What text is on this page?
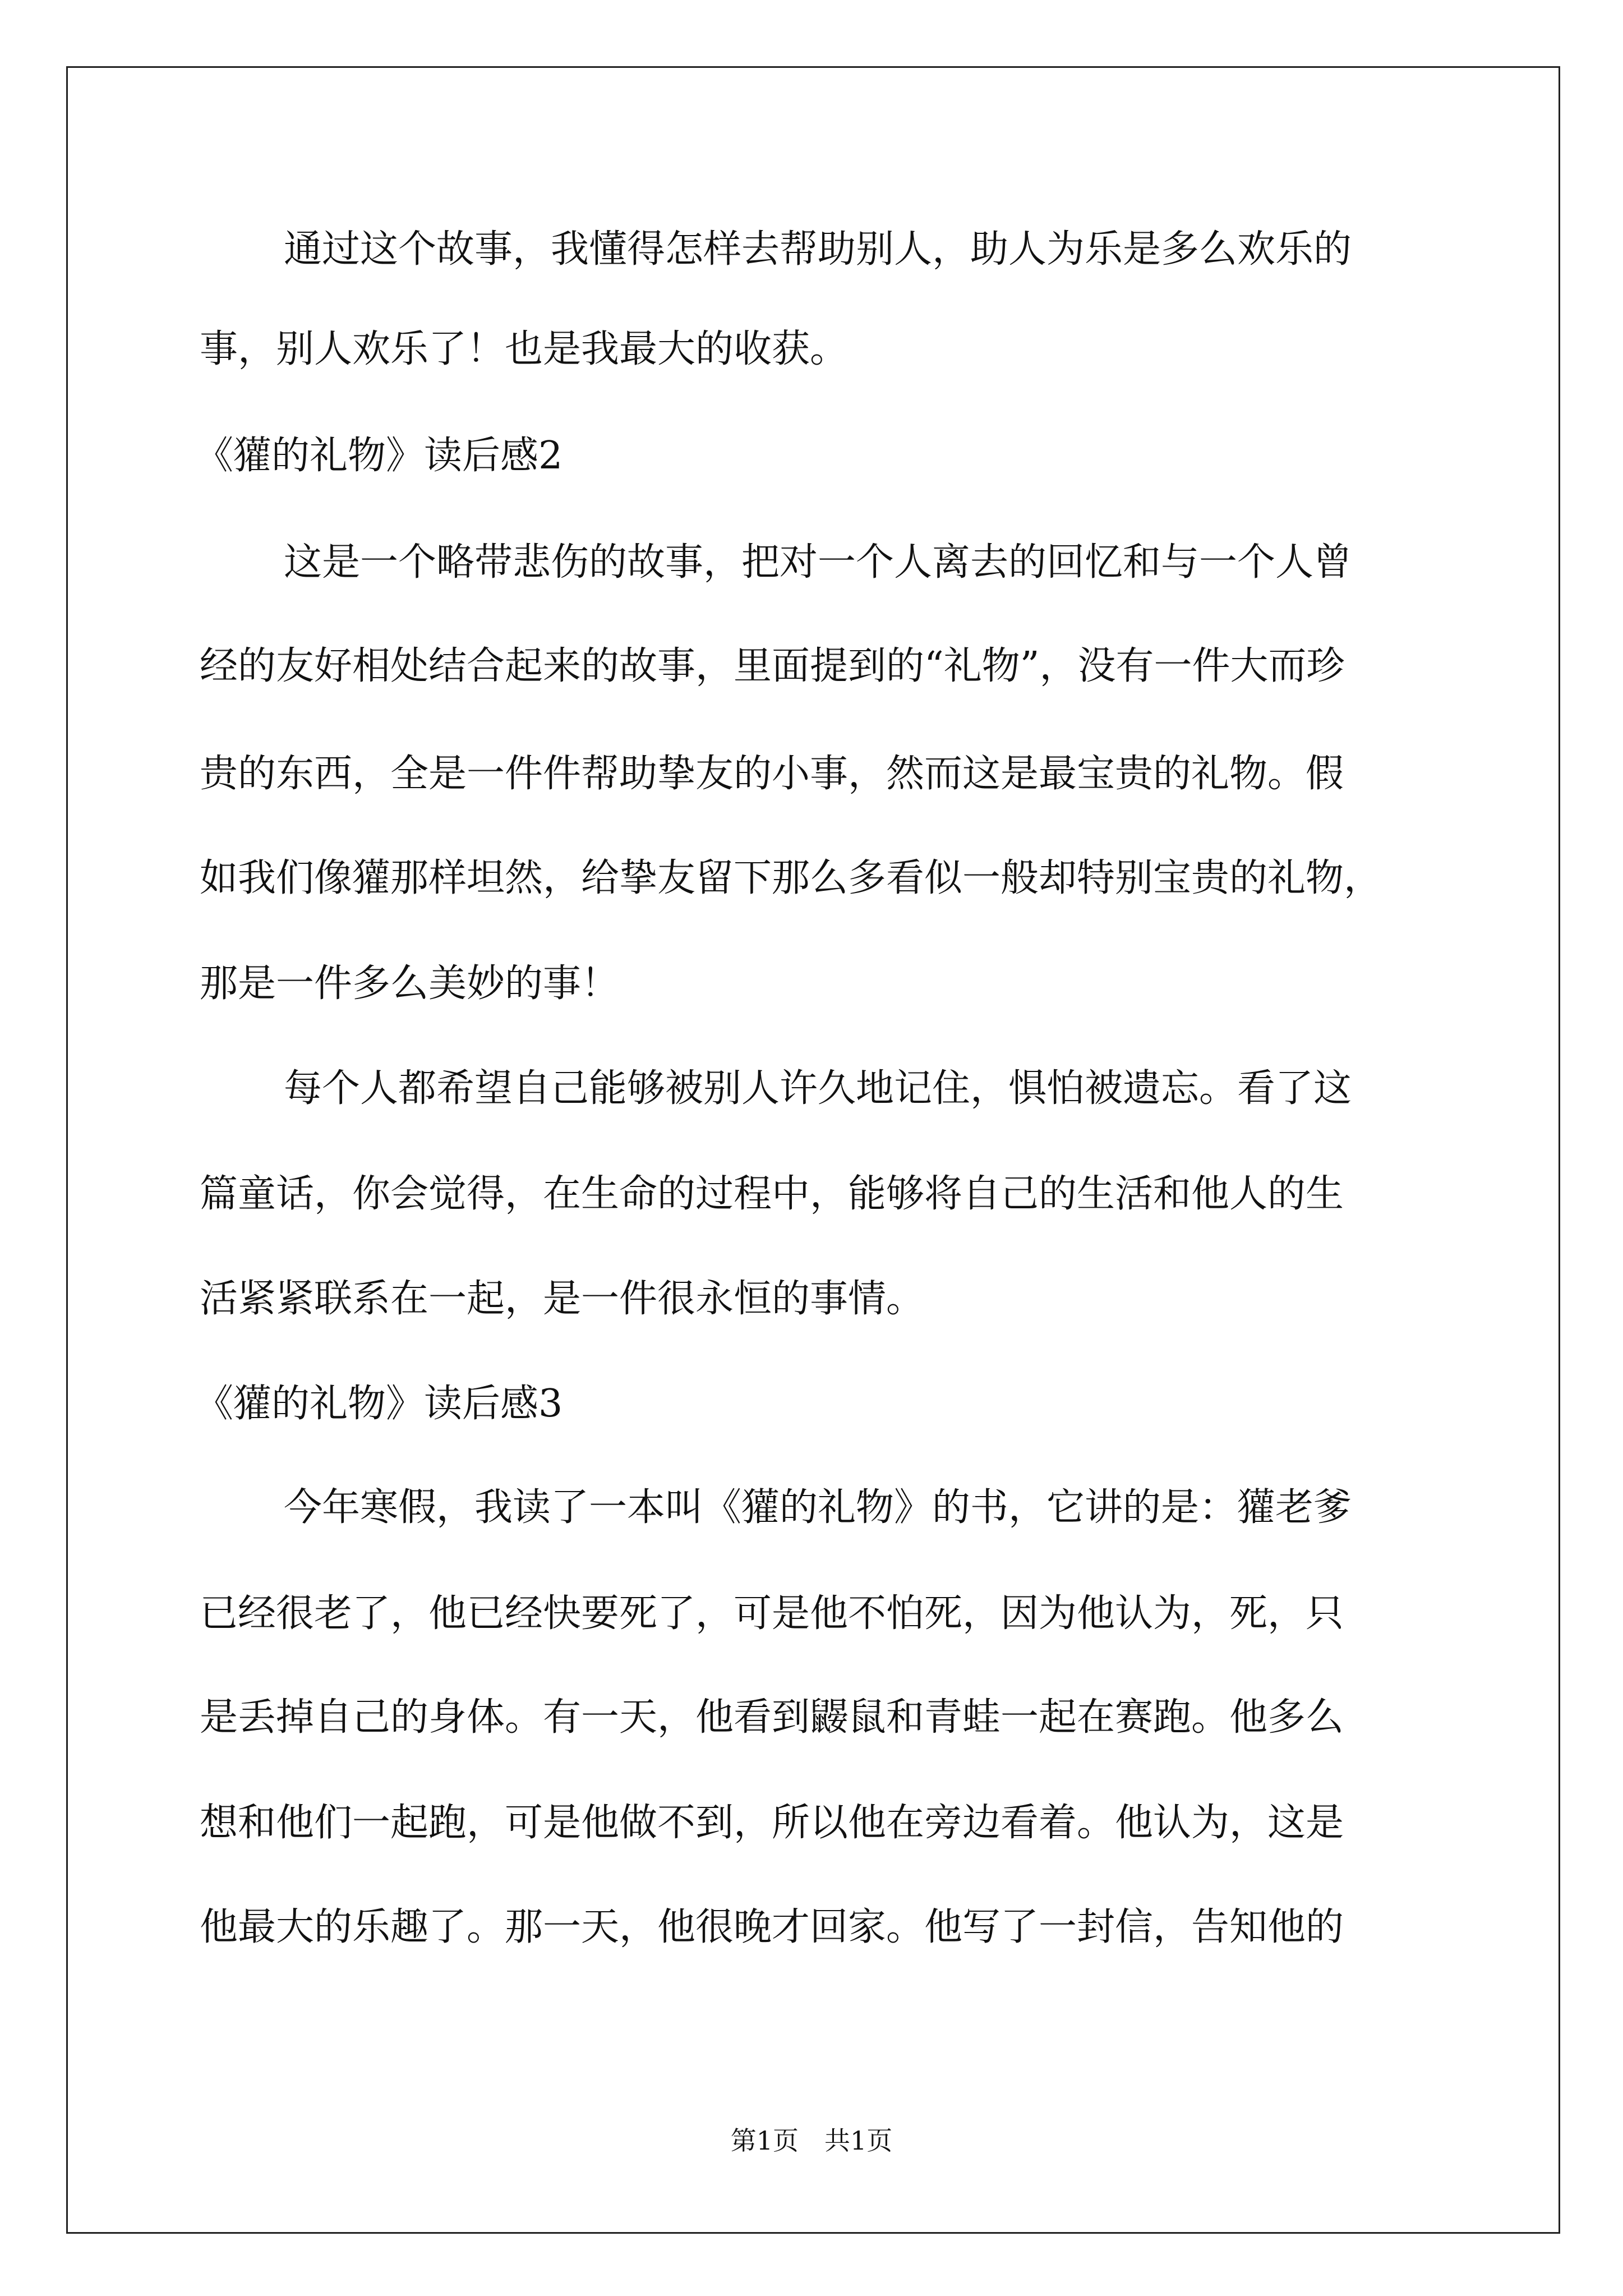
通过这个故事，我懂得怎样去帮助别人，助人为乐是多么欢乐的
事，别人欢乐了！也是我最大的收获。
《獾的礼物》读后感2
这是一个略带悲伤的故事，把对一个人离去的回忆和与一个人曾
经的友好相处结合起来的故事，里面提到的“礼物”，没有一件大而珍
贵的东西，全是一件件帮助挚友的小事，然而这是最宝贵的礼物。假
如我们像獾那样坦然，给挚友留下那么多看似一般却特别宝贵的礼物，
那是一件多么美妙的事！
每个人都希望自己能够被别人许久地记住，惧怕被遗忘。看了这
篇童话，你会觉得，在生命的过程中，能够将自己的生活和他人的生
活紧紧联系在一起，是一件很永恒的事情。
《獾的礼物》读后感3
今年寒假，我读了一本叫《獾的礼物》的书，它讲的是：獾老爹
已经很老了，他已经快要死了，可是他不怕死，因为他认为，死，只
是丢掉自己的身体。有一天，他看到鼹鼠和青蛙一起在赛跑。他多么
想和他们一起跑，可是他做不到，所以他在旁边看着。他认为，这是
他最大的乐趣了。那一天，他很晚才回家。他写了一封信，告知他的
第1页　共1页
